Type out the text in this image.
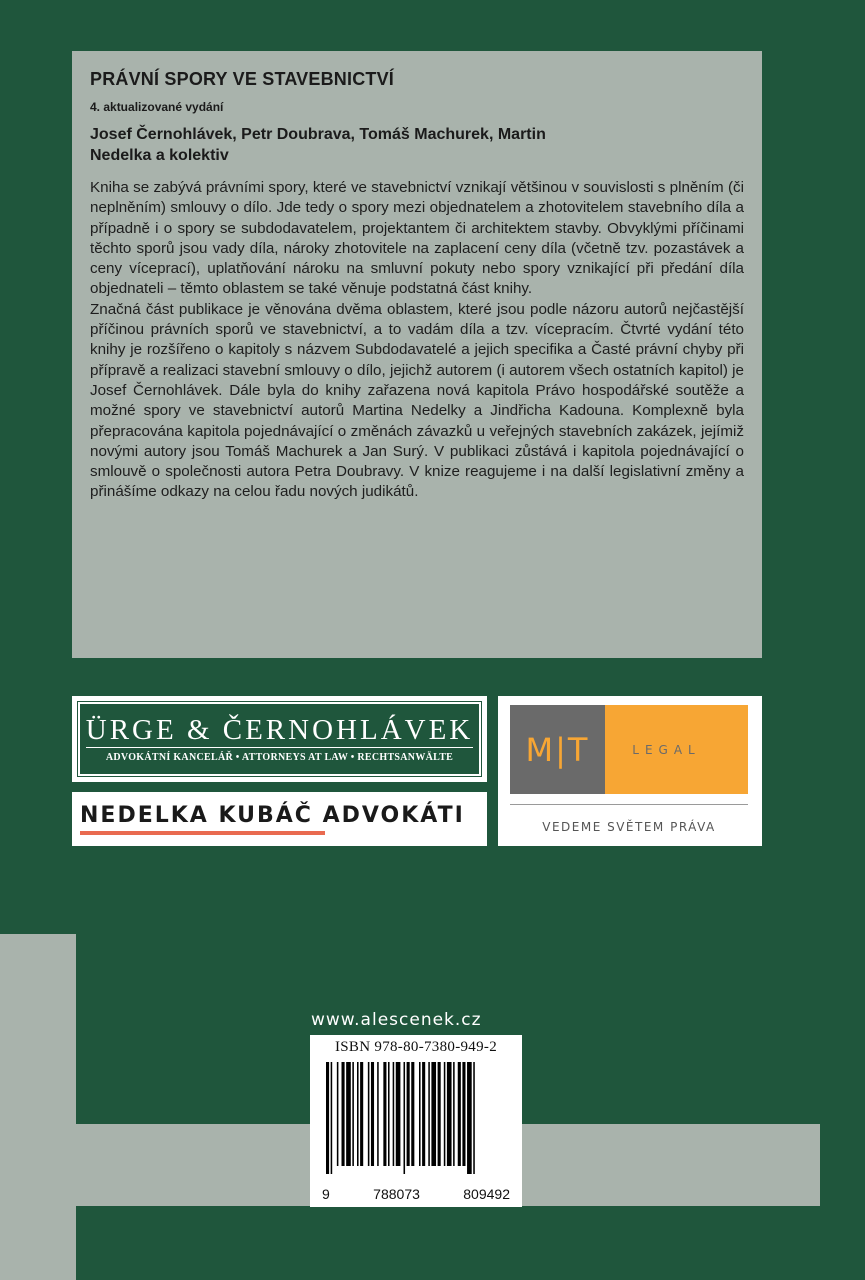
PRÁVNÍ SPORY VE STAVEBNICTVÍ
4. aktualizované vydání
Josef Černohlávek, Petr Doubrava, Tomáš Machurek, Martin Nedelka a kolektiv

Kniha se zabývá právními spory, které ve stavebnictví vznikají většinou v souvislosti s plněním (či neplněním) smlouvy o dílo. Jde tedy o spory mezi objednatelem a zhotovitelem stavebního díla a případně i o spory se subdodavatelem, projektantem či architektem stavby. Obvyklými příčinami těchto sporů jsou vady díla, nároky zhotovitele na zaplacení ceny díla (včetně tzv. pozastávek a ceny víceprací), uplatňování nároku na smluvní pokuty nebo spory vznikající při předání díla objednateli – těmto oblastem se také věnuje podstatná část knihy.

Značná část publikace je věnována dvěma oblastem, které jsou podle názoru autorů nejčastější příčinou právních sporů ve stavebnictví, a to vadám díla a tzv. vícepracím. Čtvrté vydání této knihy je rozšířeno o kapitoly s názvem Subdodavatelé a jejich specifika a Časté právní chyby při přípravě a realizaci stavební smlouvy o dílo, jejichž autorem (i autorem všech ostatních kapitol) je Josef Černohlávek. Dále byla do knihy zařazena nová kapitola Právo hospodářské soutěže a možné spory ve stavebnictví autorů Martina Nedelky a Jindřicha Kadouna. Komplexně byla přepracována kapitola pojednávající o změnách závazků u veřejných stavebních zakázek, jejímiž novými autory jsou Tomáš Machurek a Jan Surý. V publikaci zůstává i kapitola pojednávající o smlouvě o společnosti autora Petra Doubravy. V knize reagujeme i na další legislativní změny a přinášíme odkazy na celou řadu nových judikátů.

ÜRGE & ČERNOHLÁVEK
ADVOKÁTNÍ KANCELÁŘ • ATTORNEYS AT LAW • RECHTSANWÄLTE
NEDELKA KUBÁČ ADVOKÁTI
M|T	LEGAL
VEDEME SVĚTEM PRÁVA
www.alescenek.cz
ISBN 978-80-7380-949-2
9	788073	809492
